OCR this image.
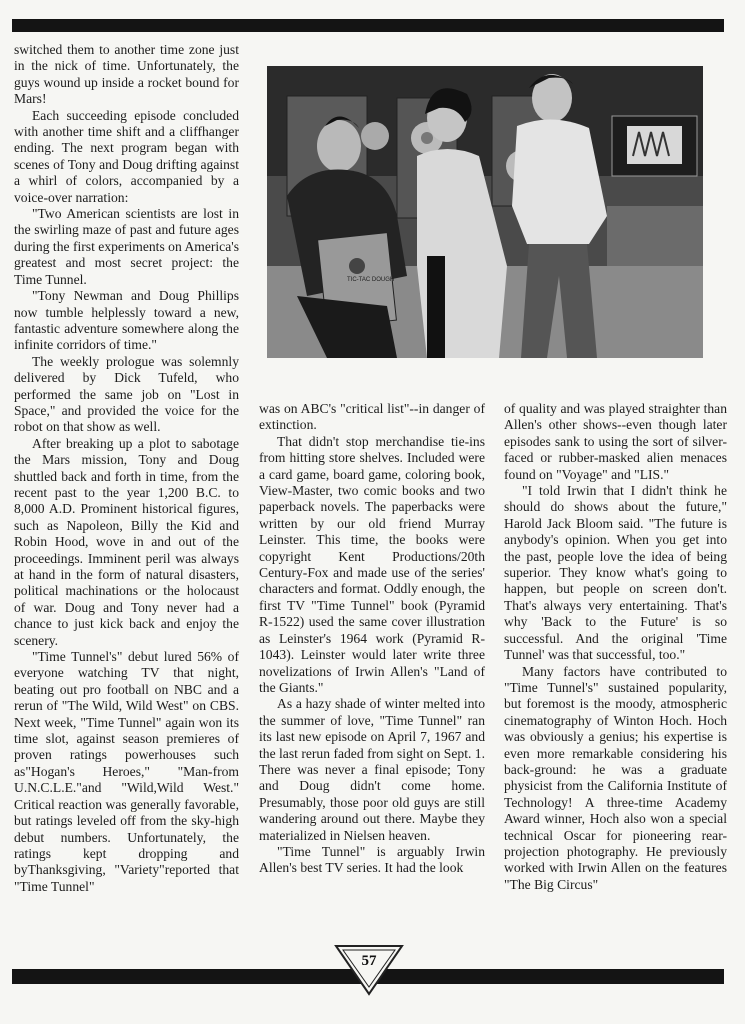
switched them to another time zone just in the nick of time. Unfortunately, the guys wound up inside a rocket bound for Mars!

Each succeeding episode concluded with another time shift and a cliffhanger ending. The next program began with scenes of Tony and Doug drifting against a whirl of colors, accompanied by a voice-over narration:

"Two American scientists are lost in the swirling maze of past and future ages during the first experiments on America's greatest and most secret project: the Time Tunnel.

"Tony Newman and Doug Phillips now tumble helplessly toward a new, fantastic adventure somewhere along the infinite corridors of time."

The weekly prologue was solemnly delivered by Dick Tufeld, who performed the same job on "Lost in Space," and provided the voice for the robot on that show as well.

After breaking up a plot to sabotage the Mars mission, Tony and Doug shuttled back and forth in time, from the recent past to the year 1,200 B.C. to 8,000 A.D. Prominent historical figures, such as Napoleon, Billy the Kid and Robin Hood, wove in and out of the proceedings. Imminent peril was always at hand in the form of natural disasters, political machinations or the holocaust of war. Doug and Tony never had a chance to just kick back and enjoy the scenery.

"Time Tunnel's" debut lured 56% of everyone watching TV that night, beating out pro football on NBC and a rerun of "The Wild, Wild West" on CBS. Next week, "Time Tunnel" again won its time slot, against season premieres of proven ratings powerhouses such as"Hogan's Heroes," "Man-from U.N.C.L.E."and "Wild,Wild West." Critical reaction was generally favorable, but ratings leveled off from the sky-high debut numbers. Unfortunately, the ratings kept dropping and byThanksgiving, "Variety"reported that "Time Tunnel"

TIC-TAC DOUGH

was on ABC's "critical list"--in danger of extinction.

That didn't stop merchandise tie-ins from hitting store shelves. Included were a card game, board game, coloring book, View-Master, two comic books and two paperback novels. The paperbacks were written by our old friend Murray Leinster. This time, the books were copyright Kent Productions/20th Century-Fox and made use of the series' characters and format. Oddly enough, the first TV "Time Tunnel" book (Pyramid R-1522) used the same cover illustration as Leinster's 1964 work (Pyramid R-1043). Leinster would later write three novelizations of Irwin Allen's "Land of the Giants."

As a hazy shade of winter melted into the summer of love, "Time Tunnel" ran its last new episode on April 7, 1967 and the last rerun faded from sight on Sept. 1. There was never a final episode; Tony and Doug didn't come home. Presumably, those poor old guys are still wandering around out there. Maybe they materialized in Nielsen heaven.

"Time Tunnel" is arguably Irwin Allen's best TV series. It had the look

of quality and was played straighter than Allen's other shows--even though later episodes sank to using the sort of silver-faced or rubber-masked alien menaces found on "Voyage" and "LIS."

"I told Irwin that I didn't think he should do shows about the future," Harold Jack Bloom said. "The future is anybody's opinion. When you get into the past, people love the idea of being superior. They know what's going to happen, but people on screen don't. That's always very entertaining. That's why 'Back to the Future' is so successful. And the original 'Time Tunnel' was that successful, too."

Many factors have contributed to "Time Tunnel's" sustained popularity, but foremost is the moody, atmospheric cinematography of Winton Hoch. Hoch was obviously a genius; his expertise is even more remarkable considering his back-ground: he was a graduate physicist from the California Institute of Technology! A three-time Academy Award winner, Hoch also won a special technical Oscar for pioneering rear-projection photography. He previously worked with Irwin Allen on the features "The Big Circus"

57
